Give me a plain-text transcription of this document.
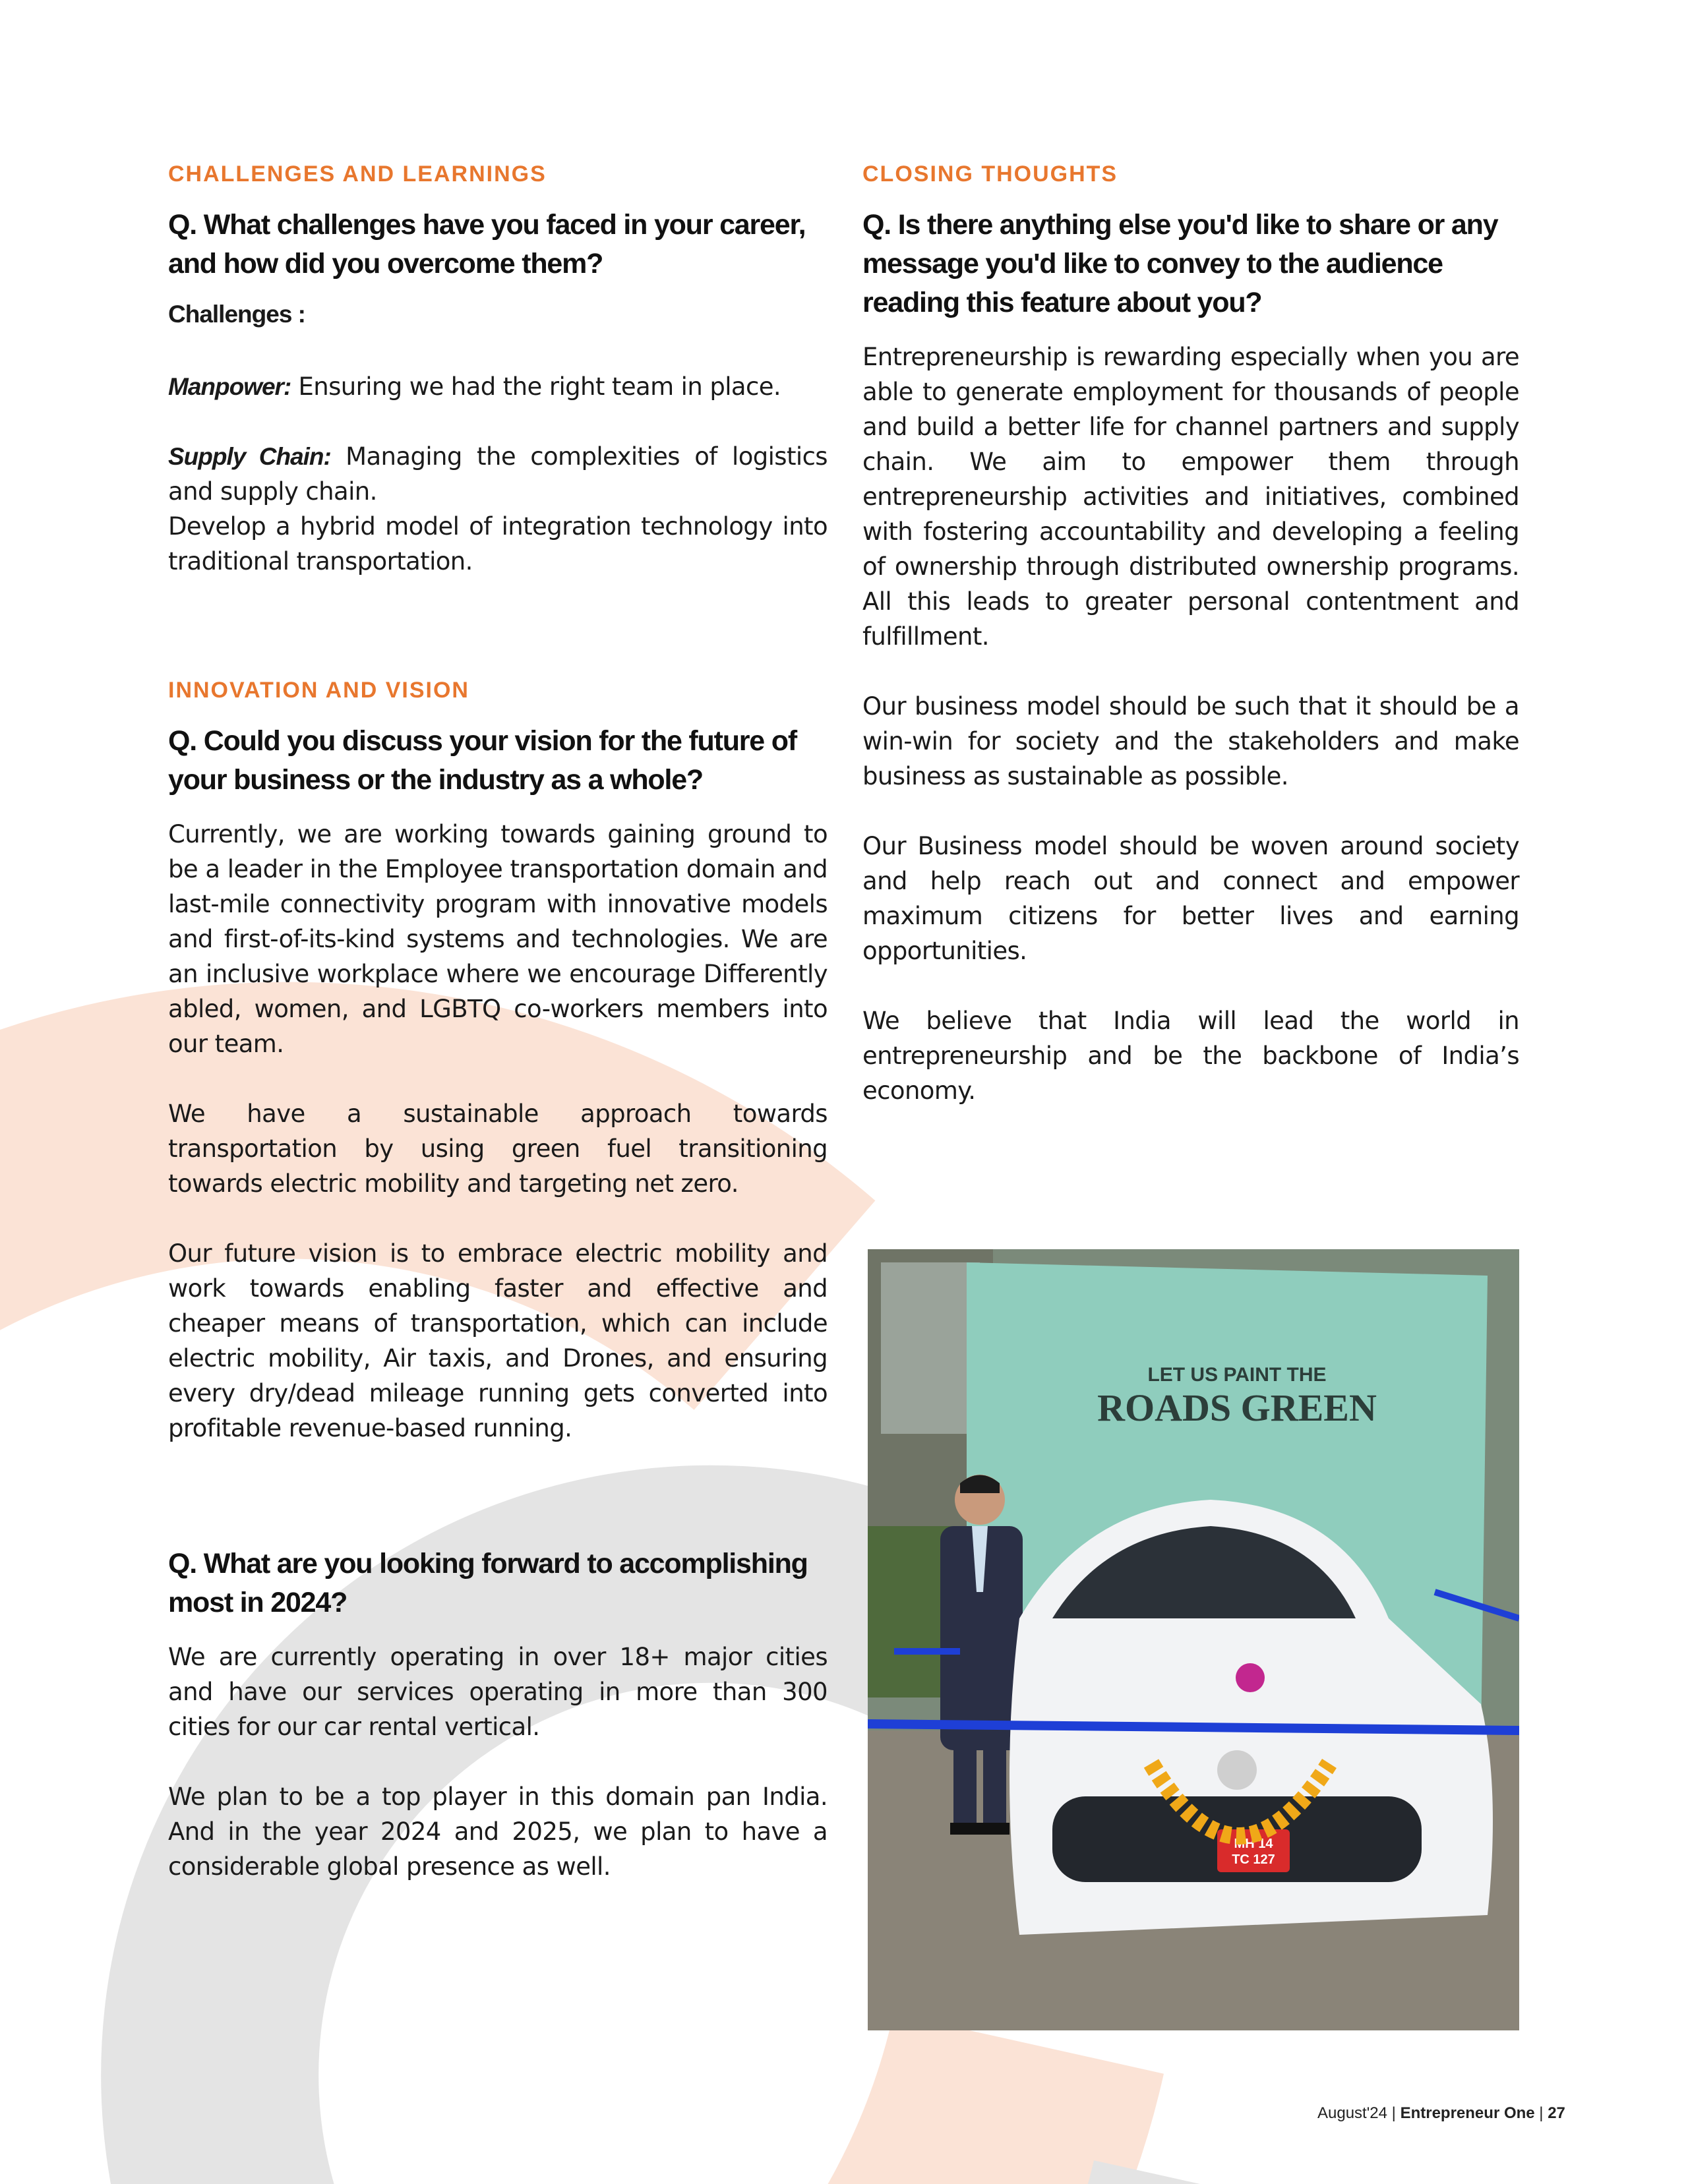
CHALLENGES AND LEARNINGS
Q. What challenges have you faced in your career, and how did you overcome them?
Challenges :

Manpower: Ensuring we had the right team in place.

Supply Chain: Managing the complexities of logistics and supply chain.

Develop a hybrid model of integration technology into traditional transportation.

INNOVATION AND VISION
Q. Could you discuss your vision for the future of your business or the industry as a whole?

Currently, we are working towards gaining ground to be a leader in the Employee transportation domain and last-mile connectivity program with innovative models and first-of-its-kind systems and technologies. We are an inclusive workplace where we encourage Differently abled, women, and LGBTQ co-workers members into our team.

We have a sustainable approach towards transportation by using green fuel transitioning towards electric mobility and targeting net zero.

Our future vision is to embrace electric mobility and work towards enabling faster and effective and cheaper means of transportation, which can include electric mobility, Air taxis, and Drones, and ensuring every dry/dead mileage running gets converted into profitable revenue-based running.

Q. What are you looking forward to accomplishing most in 2024?

We are currently operating in over 18+ major cities and have our services operating in more than 300 cities for our car rental vertical.

We plan to be a top player in this domain pan India. And in the year 2024 and 2025, we plan to have a considerable global presence as well.

CLOSING THOUGHTS
Q. Is there anything else you'd like to share or any message you'd like to convey to the audience reading this feature about you?

Entrepreneurship is rewarding especially when you are able to generate employment for thousands of people and build a better life for channel partners and supply chain. We aim to empower them through entrepreneurship activities and initiatives, combined with fostering accountability and developing a feeling of ownership through distributed ownership programs. All this leads to greater personal contentment and fulfillment.

Our business model should be such that it should be a win-win for society and the stakeholders and make business as sustainable as possible.

Our Business model should be woven around society and help reach out and connect and empower maximum citizens for better lives and earning opportunities.

We believe that India will lead the world in entrepreneurship and be the backbone of India’s economy.

LET US PAINT THE
ROADS GREEN
MH 14
TC 127
August'24 | Entrepreneur One | 27
